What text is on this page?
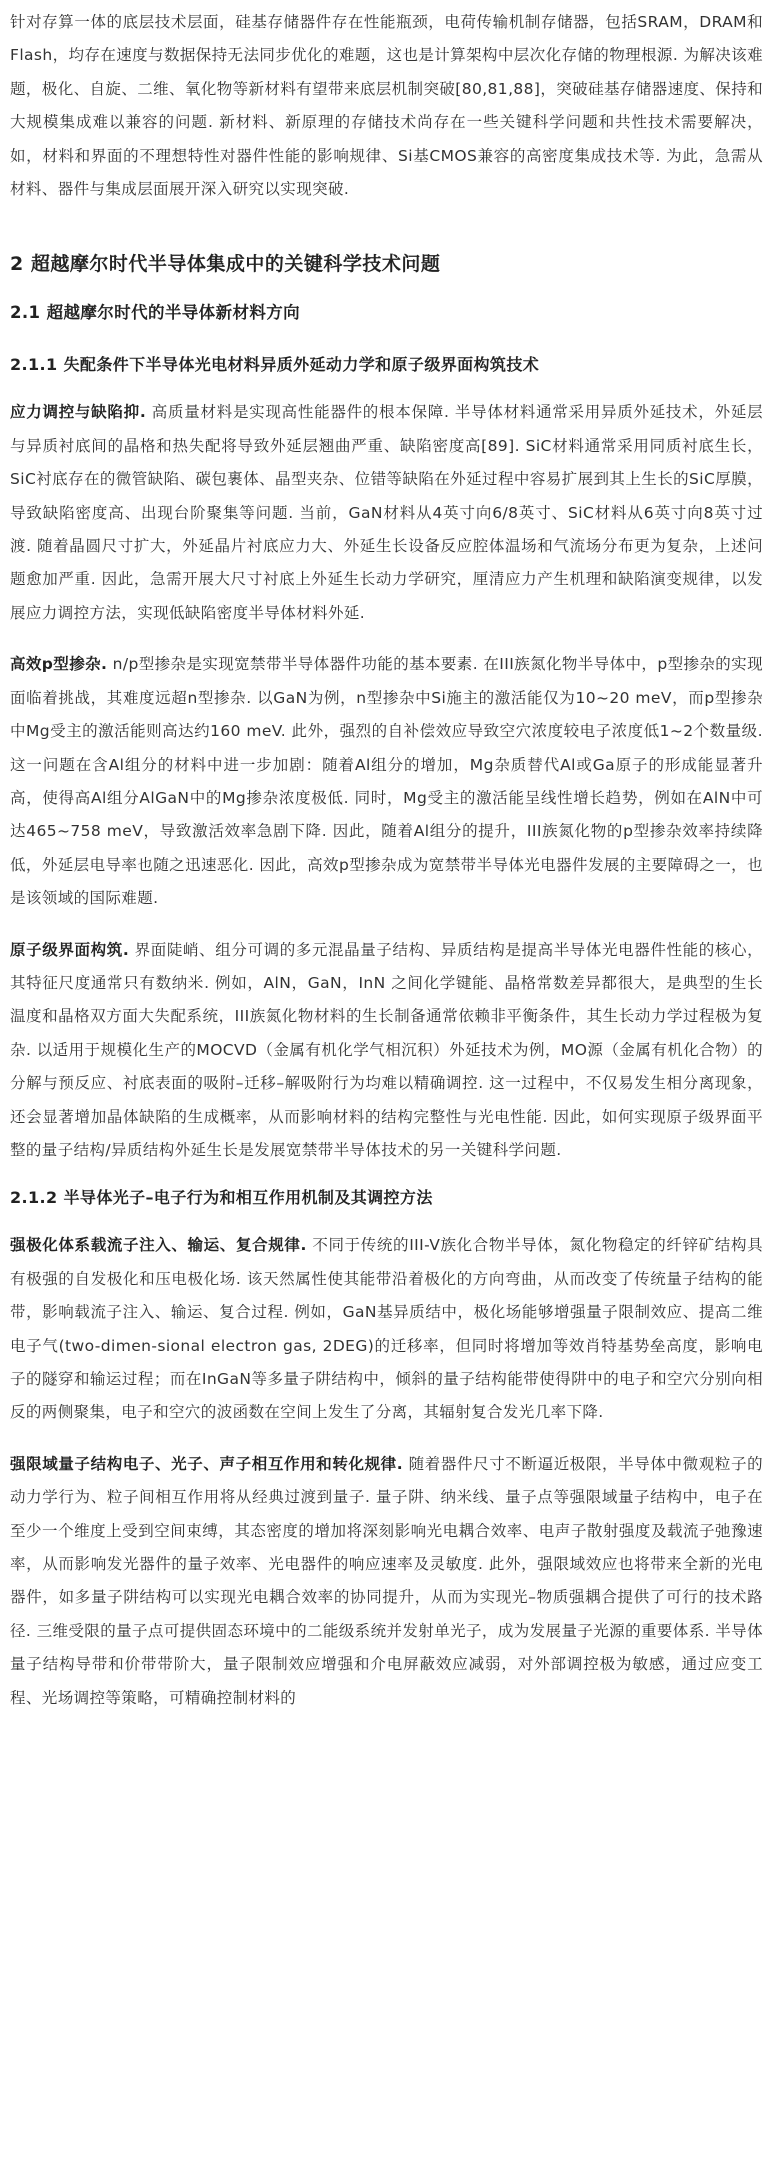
针对存算一体的底层技术层面，硅基存储器件存在性能瓶颈，电荷传输机制存储器，包括SRAM，DRAM和Flash，均存在速度与数据保持无法同步优化的难题，这也是计算架构中层次化存储的物理根源. 为解决该难题，极化、自旋、二维、氧化物等新材料有望带来底层机制突破[80,81,88]，突破硅基存储器速度、保持和大规模集成难以兼容的问题. 新材料、新原理的存储技术尚存在一些关键科学问题和共性技术需要解决，如，材料和界面的不理想特性对器件性能的影响规律、Si基CMOS兼容的高密度集成技术等. 为此，急需从材料、器件与集成层面展开深入研究以实现突破.

2 超越摩尔时代半导体集成中的关键科学技术问题
2.1 超越摩尔时代的半导体新材料方向
2.1.1 失配条件下半导体光电材料异质外延动力学和原子级界面构筑技术

应力调控与缺陷抑. 高质量材料是实现高性能器件的根本保障. 半导体材料通常采用异质外延技术，外延层与异质衬底间的晶格和热失配将导致外延层翘曲严重、缺陷密度高[89]. SiC材料通常采用同质衬底生长，SiC衬底存在的微管缺陷、碳包裹体、晶型夹杂、位错等缺陷在外延过程中容易扩展到其上生长的SiC厚膜，导致缺陷密度高、出现台阶聚集等问题. 当前，GaN材料从4英寸向6/8英寸、SiC材料从6英寸向8英寸过渡. 随着晶圆尺寸扩大，外延晶片衬底应力大、外延生长设备反应腔体温场和气流场分布更为复杂，上述问题愈加严重. 因此，急需开展大尺寸衬底上外延生长动力学研究，厘清应力产生机理和缺陷演变规律，以发展应力调控方法，实现低缺陷密度半导体材料外延.

高效p型掺杂. n/p型掺杂是实现宽禁带半导体器件功能的基本要素. 在III族氮化物半导体中，p型掺杂的实现面临着挑战，其难度远超n型掺杂. 以GaN为例，n型掺杂中Si施主的激活能仅为10~20 meV，而p型掺杂中Mg受主的激活能则高达约160 meV. 此外，强烈的自补偿效应导致空穴浓度较电子浓度低1~2个数量级. 这一问题在含Al组分的材料中进一步加剧：随着Al组分的增加，Mg杂质替代Al或Ga原子的形成能显著升高，使得高Al组分AlGaN中的Mg掺杂浓度极低. 同时，Mg受主的激活能呈线性增长趋势，例如在AlN中可达465~758 meV，导致激活效率急剧下降. 因此，随着Al组分的提升，III族氮化物的p型掺杂效率持续降低，外延层电导率也随之迅速恶化. 因此，高效p型掺杂成为宽禁带半导体光电器件发展的主要障碍之一，也是该领域的国际难题.

原子级界面构筑. 界面陡峭、组分可调的多元混晶量子结构、异质结构是提高半导体光电器件性能的核心，其特征尺度通常只有数纳米. 例如，AlN，GaN，InN 之间化学键能、晶格常数差异都很大，是典型的生长温度和晶格双方面大失配系统，III族氮化物材料的生长制备通常依赖非平衡条件，其生长动力学过程极为复杂. 以适用于规模化生产的MOCVD（金属有机化学气相沉积）外延技术为例，MO源（金属有机化合物）的分解与预反应、衬底表面的吸附–迁移–解吸附行为均难以精确调控. 这一过程中，不仅易发生相分离现象，还会显著增加晶体缺陷的生成概率，从而影响材料的结构完整性与光电性能. 因此，如何实现原子级界面平整的量子结构/异质结构外延生长是发展宽禁带半导体技术的另一关键科学问题.

2.1.2 半导体光子–电子行为和相互作用机制及其调控方法

强极化体系载流子注入、输运、复合规律. 不同于传统的III-V族化合物半导体，氮化物稳定的纤锌矿结构具有极强的自发极化和压电极化场. 该天然属性使其能带沿着极化的方向弯曲，从而改变了传统量子结构的能带，影响载流子注入、输运、复合过程. 例如，GaN基异质结中，极化场能够增强量子限制效应、提高二维电子气(two-dimen-sional electron gas, 2DEG)的迁移率，但同时将增加等效肖特基势垒高度，影响电子的隧穿和输运过程；而在InGaN等多量子阱结构中，倾斜的量子结构能带使得阱中的电子和空穴分别向相反的两侧聚集，电子和空穴的波函数在空间上发生了分离，其辐射复合发光几率下降.

强限域量子结构电子、光子、声子相互作用和转化规律. 随着器件尺寸不断逼近极限，半导体中微观粒子的动力学行为、粒子间相互作用将从经典过渡到量子. 量子阱、纳米线、量子点等强限域量子结构中，电子在至少一个维度上受到空间束缚，其态密度的增加将深刻影响光电耦合效率、电声子散射强度及载流子弛豫速率，从而影响发光器件的量子效率、光电器件的响应速率及灵敏度. 此外，强限域效应也将带来全新的光电器件，如多量子阱结构可以实现光电耦合效率的协同提升，从而为实现光–物质强耦合提供了可行的技术路径. 三维受限的量子点可提供固态环境中的二能级系统并发射单光子，成为发展量子光源的重要体系. 半导体量子结构导带和价带带阶大，量子限制效应增强和介电屏蔽效应减弱，对外部调控极为敏感，通过应变工程、光场调控等策略，可精确控制材料的
